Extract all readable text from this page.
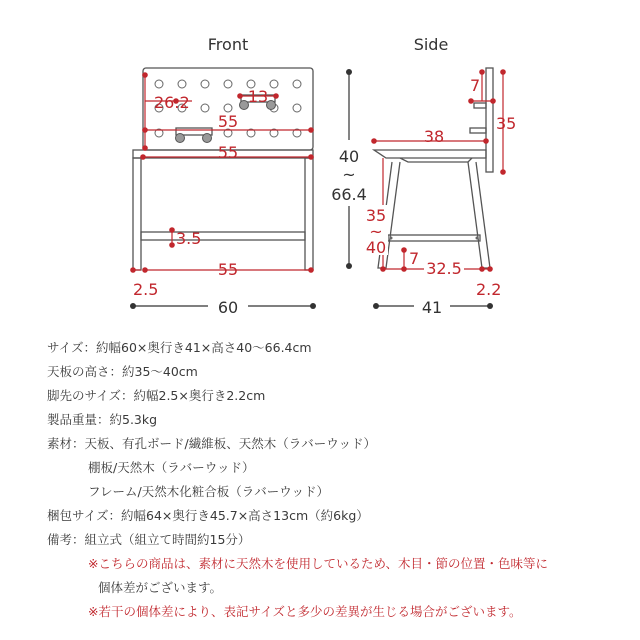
Front
26.2	13
55
55
3.5
55
2.5
60
40
~
66.4
Side
7
35
38
35
~
40
7
32.5
2.2
41
サイズ：約幅60×奥行き41×高さ40〜66.4cm
天板の高さ：約35〜40cm
脚先のサイズ：約幅2.5×奥行き2.2cm
製品重量：約5.3kg
素材：天板、有孔ボード/繊維板、天然木（ラバーウッド）
棚板/天然木（ラバーウッド）
フレーム/天然木化粧合板（ラバーウッド）
梱包サイズ：約幅64×奥行き45.7×高さ13cm（約6kg）
備考：組立式（組立て時間約15分）
※こちらの商品は、素材に天然木を使用しているため、木目・節の位置・色味等に
個体差がございます。
※若干の個体差により、表記サイズと多少の差異が生じる場合がございます。
